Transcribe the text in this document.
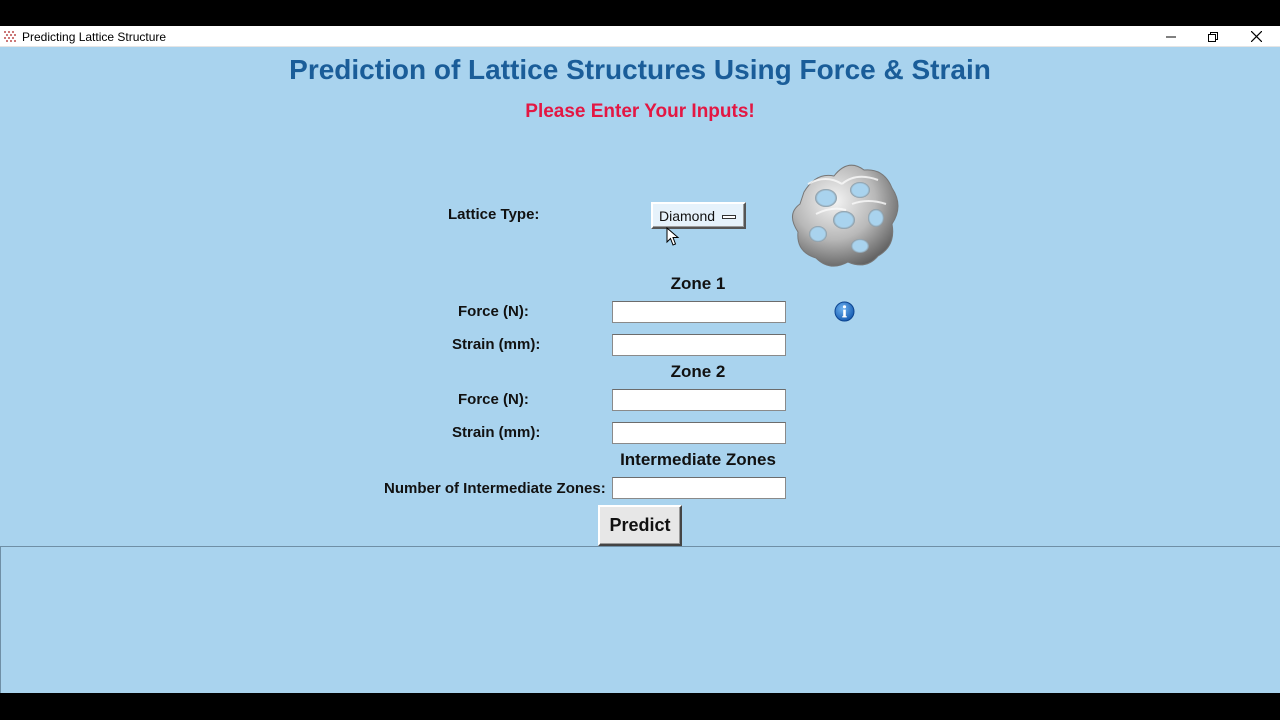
Predicting Lattice Structure
Prediction of Lattice Structures Using Force & Strain
Please Enter Your Inputs!
Lattice Type:	Diamond
Zone 1
Force (N):
Strain (mm):
Zone 2
Force (N):
Strain (mm):
Intermediate Zones
Number of Intermediate Zones:
Predict
